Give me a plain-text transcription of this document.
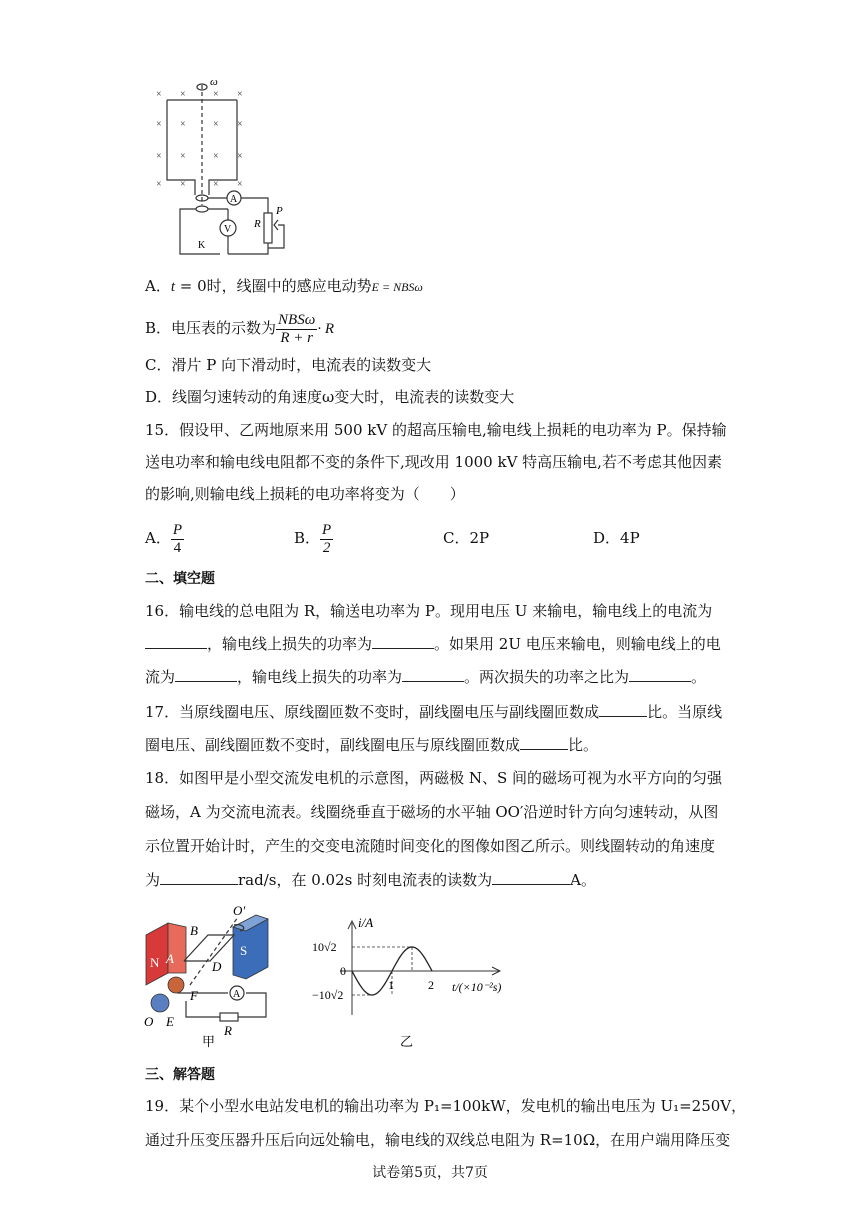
× ×	× ×
× ×	× ×
× ×	× ×
× ×	× ×
ω
A
V R
P
K
A．t = 0时，线圈中的感应电动势E = NBSω
B．电压表的示数为 $\frac{\text{NBSω}}{R + r} \cdot R$
C．滑片 P 向下滑动时，电流表的读数变大
D．线圈匀速转动的角速度ω变大时，电流表的读数变大
15．假设甲、乙两地原来用 500 kV 的超高压输电,输电线上损耗的电功率为 P。保持输
送电功率和输电线电阻都不变的条件下,现改用 1000 kV 特高压输电,若不考虑其他因素
的影响,则输电线上损耗的电功率将变为（　　）
A． $\frac{P}{4}$	B． $\frac{P}{2}$	C．2P	D．4P
二、填空题
16．输电线的总电阻为 R，输送电功率为 P。现用电压 U 来输电，输电线上的电流为
，输电线上损失的功率为	。如果用 2U 电压来输电，则输电线上的电
流为	，输电线上损失的功率为	。两次损失的功率之比为	。
17．当原线圈电压、原线圈匝数不变时，副线圈电压与副线圈匝数成	比。当原线
圈电压、副线圈匝数不变时，副线圈电压与原线圈匝数成	比。
18．如图甲是小型交流发电机的示意图，两磁极 N、S 间的磁场可视为水平方向的匀强
磁场，A 为交流电流表。线圈绕垂直于磁场的水平轴 OO′沿逆时针方向匀速转动，从图
示位置开始计时，产生的交变电流随时间变化的图像如图乙所示。则线圈转动的角速度
为	rad/s，在 0.02s 时刻电流表的读数为	A。
O′
B
N A
S
D
F	A
O E
R
甲
10√2
0
−10√2
1	2
i/A
t/(×10⁻²s)
乙
三、解答题
19．某个小型水电站发电机的输出功率为 P₁=100kW，发电机的输出电压为 U₁=250V，
通过升压变压器升压后向远处输电，输电线的双线总电阻为 R=10Ω，在用户端用降压变
试卷第5页，共7页
